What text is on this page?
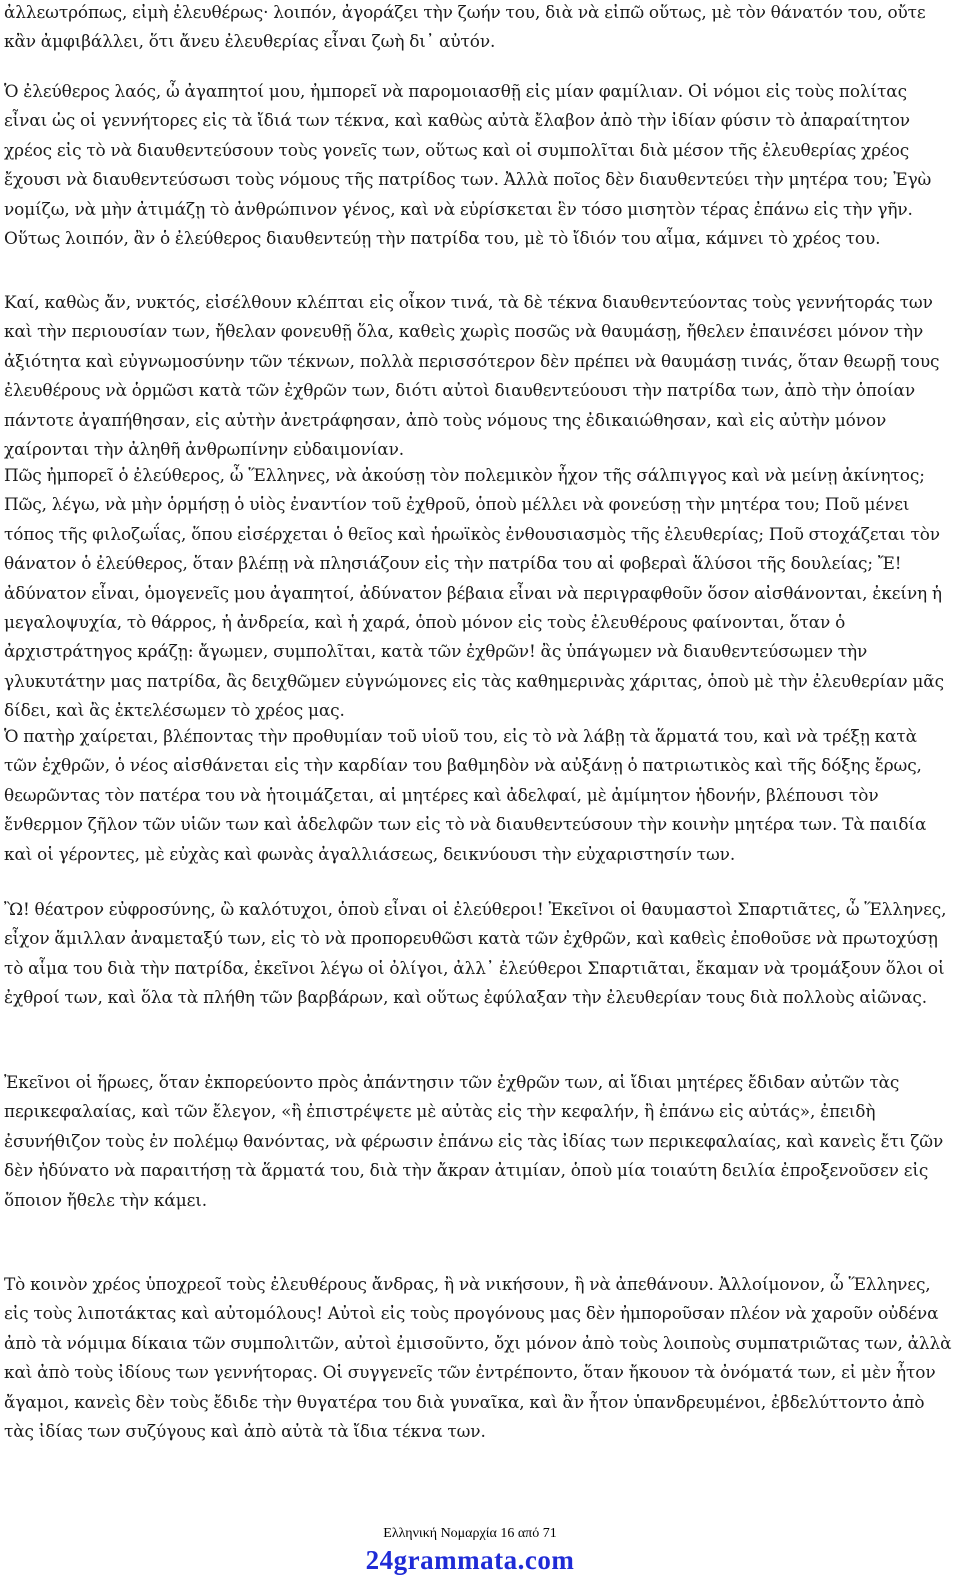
ἀλλεωτρόπως, εἰμὴ ἐλευθέρως· λοιπόν, ἀγοράζει τὴν ζωήν του, διὰ νὰ εἰπῶ οὕτως, μὲ τὸν θάνατόν του, οὔτε κἂν ἀμφιβάλλει, ὅτι ἄνευ ἐλευθερίας εἶναι ζωὴ δι᾽ αὐτόν.

Ὁ ἐλεύθερος λαός, ὦ ἀγαπητοί μου, ἠμπορεῖ νὰ παρομοιασθῇ εἰς μίαν φαμίλιαν. Οἱ νόμοι εἰς τοὺς πολίτας εἶναι ὡς οἱ γεννήτορες εἰς τὰ ἴδιά των τέκνα, καὶ καθὼς αὐτὰ ἔλαβον ἀπὸ τὴν ἰδίαν φύσιν τὸ ἀπαραίτητον χρέος εἰς τὸ νὰ διαυθεντεύσουν τοὺς γονεῖς των, οὕτως καὶ οἱ συμπολῖται διὰ μέσον τῆς ἐλευθερίας χρέος ἔχουσι νὰ διαυθεντεύσωσι τοὺς νόμους τῆς πατρίδος των. Ἀλλὰ ποῖος δὲν διαυθεντεύει τὴν μητέρα του; Ἐγὼ νομίζω, νὰ μὴν ἀτιμάζῃ τὸ ἀνθρώπινον γένος, καὶ νὰ εὑρίσκεται ἓν τόσο μισητὸν τέρας ἐπάνω εἰς τὴν γῆν. Οὕτως λοιπόν, ἂν ὁ ἐλεύθερος διαυθεντεύῃ τὴν πατρίδα του, μὲ τὸ ἴδιόν του αἷμα, κάμνει τὸ χρέος του.

Καί, καθὼς ἄν, νυκτός, εἰσέλθουν κλέπται εἰς οἶκον τινά, τὰ δὲ τέκνα διαυθεντεύοντας τοὺς γεννήτοράς των καὶ τὴν περιουσίαν των, ἤθελαν φονευθῇ ὅλα, καθεὶς χωρὶς ποσῶς νὰ θαυμάσῃ, ἤθελεν ἐπαινέσει μόνον τὴν ἀξιότητα καὶ εὐγνωμοσύνην τῶν τέκνων, πολλὰ περισσότερον δὲν πρέπει νὰ θαυμάσῃ τινάς, ὅταν θεωρῇ τους ἐλευθέρους νὰ ὁρμῶσι κατὰ τῶν ἐχθρῶν των, διότι αὐτοὶ διαυθεντεύουσι τὴν πατρίδα των, ἀπὸ τὴν ὁποίαν πάντοτε ἀγαπήθησαν, εἰς αὐτὴν ἀνετράφησαν, ἀπὸ τοὺς νόμους της ἐδικαιώθησαν, καὶ εἰς αὐτὴν μόνον χαίρονται τὴν ἀληθῆ ἀνθρωπίνην εὐδαιμονίαν.

Πῶς ἠμπορεῖ ὁ ἐλεύθερος, ὦ Ἕλληνες, νὰ ἀκούσῃ τὸν πολεμικὸν ἦχον τῆς σάλπιγγος καὶ νὰ μείνῃ ἀκίνητος; Πῶς, λέγω, νὰ μὴν ὁρμήσῃ ὁ υἱὸς ἐναντίον τοῦ ἐχθροῦ, ὁποὺ μέλλει νὰ φονεύσῃ τὴν μητέρα του; Ποῦ μένει τόπος τῆς φιλοζωΐας, ὅπου εἰσέρχεται ὁ θεῖος καὶ ἡρωϊκὸς ἐνθουσιασμὸς τῆς ἐλευθερίας; Ποῦ στοχάζεται τὸν θάνατον ὁ ἐλεύθερος, ὅταν βλέπῃ νὰ πλησιάζουν εἰς τὴν πατρίδα του αἱ φοβεραὶ ἅλύσοι τῆς δουλείας; Ἔ! ἀδύνατον εἶναι, ὁμογενεῖς μου ἀγαπητοί, ἀδύνατον βέβαια εἶναι νὰ περιγραφθοῦν ὅσον αἰσθάνονται, ἐκείνη ἡ μεγαλοψυχία, τὸ θάρρος, ἡ ἀνδρεία, καὶ ἡ χαρά, ὁποὺ μόνον εἰς τοὺς ἐλευθέρους φαίνονται, ὅταν ὁ ἀρχιστράτηγος κράζῃ: ἄγωμεν, συμπολῖται, κατὰ τῶν ἐχθρῶν! ἂς ὑπάγωμεν νὰ διαυθεντεύσωμεν τὴν γλυκυτάτην μας πατρίδα, ἂς δειχθῶμεν εὐγνώμονες εἰς τὰς καθημερινὰς χάριτας, ὁποὺ μὲ τὴν ἐλευθερίαν μᾶς δίδει, καὶ ἂς ἐκτελέσωμεν τὸ χρέος μας.

Ὁ πατὴρ χαίρεται, βλέποντας τὴν προθυμίαν τοῦ υἱοῦ του, εἰς τὸ νὰ λάβῃ τὰ ἅρματά του, καὶ νὰ τρέξῃ κατὰ τῶν ἐχθρῶν, ὁ νέος αἰσθάνεται εἰς τὴν καρδίαν του βαθμηδὸν νὰ αὐξάνῃ ὁ πατριωτικὸς καὶ τῆς δόξης ἔρως, θεωρῶντας τὸν πατέρα του νὰ ἡτοιμάζεται, αἱ μητέρες καὶ ἀδελφαί, μὲ ἀμίμητον ἡδονήν, βλέπουσι τὸν ἔνθερμον ζῆλον τῶν υἱῶν των καὶ ἀδελφῶν των εἰς τὸ νὰ διαυθεντεύσουν τὴν κοινὴν μητέρα των. Τὰ παιδία καὶ οἱ γέροντες, μὲ εὐχὰς καὶ φωνὰς ἀγαλλιάσεως, δεικνύουσι τὴν εὐχαριστησίν των.

Ὢ! θέατρον εὐφροσύνης, ὢ καλότυχοι, ὁποὺ εἶναι οἱ ἐλεύθεροι! Ἐκεῖνοι οἱ θαυμαστοὶ Σπαρτιᾶτες, ὦ Ἕλληνες, εἶχον ἅμιλλαν ἀναμεταξύ των, εἰς τὸ νὰ προπορευθῶσι κατὰ τῶν ἐχθρῶν, καὶ καθεὶς ἐποθοῦσε νὰ πρωτοχύσῃ τὸ αἷμα του διὰ τὴν πατρίδα, ἐκεῖνοι λέγω οἱ ὀλίγοι, ἀλλ᾽ ἐλεύθεροι Σπαρτιᾶται, ἔκαμαν νὰ τρομάξουν ὅλοι οἱ ἐχθροί των, καὶ ὅλα τὰ πλήθη τῶν βαρβάρων, καὶ οὕτως ἐφύλαξαν τὴν ἐλευθερίαν τους διὰ πολλοὺς αἰῶνας.

Ἐκεῖνοι οἱ ἥρωες, ὅταν ἐκπορεύοντο πρὸς ἀπάντησιν τῶν ἐχθρῶν των, αἱ ἴδιαι μητέρες ἔδιδαν αὐτῶν τὰς περικεφαλαίας, καὶ τῶν ἔλεγον, «ἢ ἐπιστρέψετε μὲ αὐτὰς εἰς τὴν κεφαλήν, ἢ ἐπάνω εἰς αὐτάς», ἐπειδὴ ἐσυνήθιζον τοὺς ἐν πολέμῳ θανόντας, νὰ φέρωσιν ἐπάνω εἰς τὰς ἰδίας των περικεφαλαίας, καὶ κανεὶς ἔτι ζῶν δὲν ἠδύνατο νὰ παραιτήσῃ τὰ ἅρματά του, διὰ τὴν ἄκραν ἀτιμίαν, ὁποὺ μία τοιαύτη δειλία ἐπροξενοῦσεν εἰς ὅποιον ἤθελε τὴν κάμει.

Τὸ κοινὸν χρέος ὑποχρεοῖ τοὺς ἐλευθέρους ἄνδρας, ἢ νὰ νικήσουν, ἢ νὰ ἀπεθάνουν. Ἀλλοίμονον, ὦ Ἕλληνες, εἰς τοὺς λιποτάκτας καὶ αὐτομόλους! Αὐτοὶ εἰς τοὺς προγόνους μας δὲν ἠμποροῦσαν πλέον νὰ χαροῦν οὐδένα ἀπὸ τὰ νόμιμα δίκαια τῶν συμπολιτῶν, αὐτοὶ ἐμισοῦντο, ὄχι μόνον ἀπὸ τοὺς λοιποὺς συμπατριῶτας των, ἀλλὰ καὶ ἀπὸ τοὺς ἰδίους των γεννήτορας. Οἱ συγγενεῖς τῶν ἐντρέποντο, ὅταν ἤκουον τὰ ὀνόματά των, εἰ μὲν ἦτον ἄγαμοι, κανεὶς δὲν τοὺς ἔδιδε τὴν θυγατέρα του διὰ γυναῖκα, καὶ ἂν ἦτον ὑπανδρευμένοι, ἐβδελύττοντο ἀπὸ τὰς ἰδίας των συζύγους καὶ ἀπὸ αὐτὰ τὰ ἴδια τέκνα των.

Ελληνική Νομαρχία 16 από 71
24grammata.com
